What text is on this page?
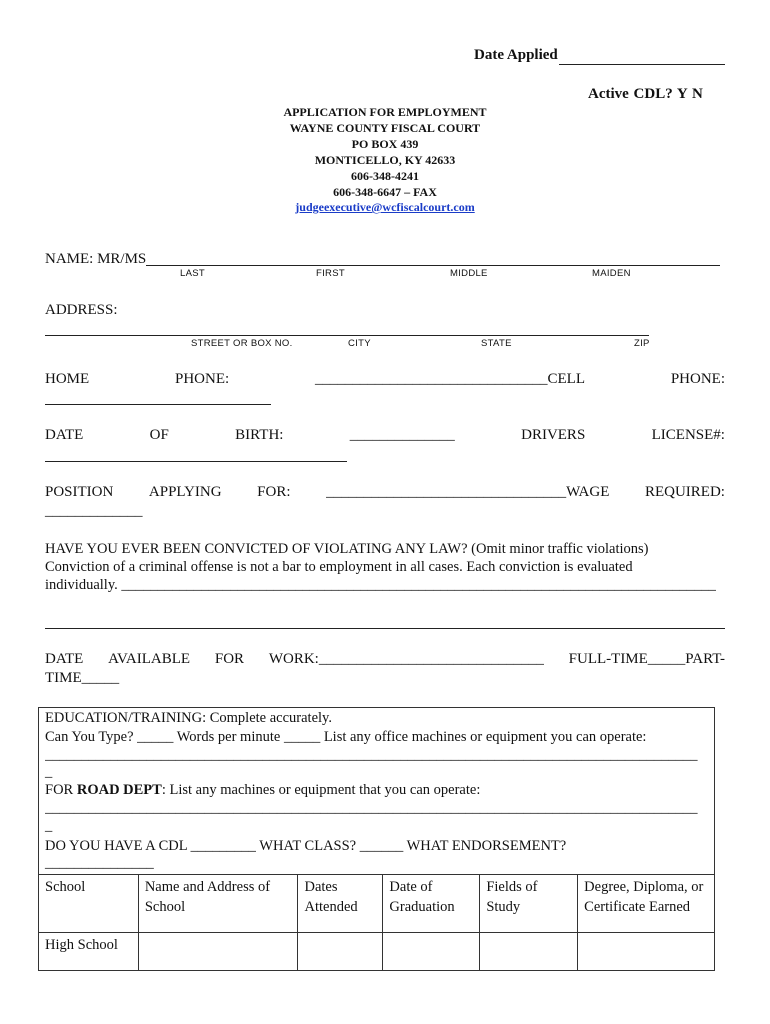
Date Applied
Active CDL? Y N
APPLICATION FOR EMPLOYMENT
WAYNE COUNTY FISCAL COURT
PO BOX 439
MONTICELLO, KY 42633
606-348-4241
606-348-6647 – FAX
judgeexecutive@wcfiscalcourt.com
NAME: MR/MS
LAST	FIRST	MIDDLE	MAIDEN
ADDRESS:
STREET OR BOX NO.	CITY	STATE	ZIP
HOME	PHONE:	_______________________________CELL	PHONE:
DATE	OF	BIRTH:	______________	DRIVERS	LICENSE#:
POSITION APPLYING FOR: ________________________________WAGE REQUIRED:
_____________
HAVE YOU EVER BEEN CONVICTED OF VIOLATING ANY LAW? (Omit minor traffic violations)
Conviction of a criminal offense is not a bar to employment in all cases. Each conviction is evaluated
individually. __________________________________________________________________________________
DATE AVAILABLE FOR WORK:______________________________ FULL-TIME_____PART-
TIME_____
EDUCATION/TRAINING: Complete accurately.
Can You Type? _____ Words per minute _____ List any office machines or equipment you can operate:
__________________________________________________________________________________________
_
FOR ROAD DEPT: List any machines or equipment that you can operate:
__________________________________________________________________________________________
_
DO YOU HAVE A CDL _________ WHAT CLASS? ______ WHAT ENDORSEMENT?
_______________
School	Name and Address of School	Dates Attended	Date of Graduation	Fields of Study	Degree, Diploma, or Certificate Earned
High School					
